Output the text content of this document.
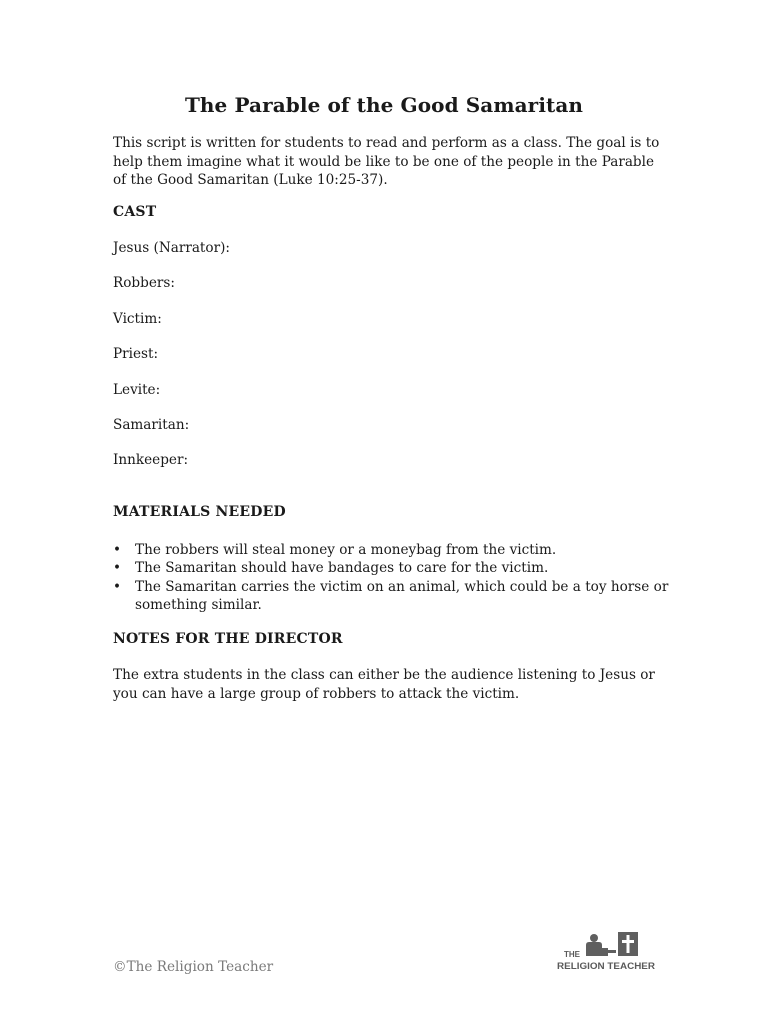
The Parable of the Good Samaritan
This script is written for students to read and perform as a class. The goal is to help them imagine what it would be like to be one of the people in the Parable of the Good Samaritan (Luke 10:25-37).
CAST
Jesus (Narrator):
Robbers:
Victim:
Priest:
Levite:
Samaritan:
Innkeeper:
MATERIALS NEEDED
• The robbers will steal money or a moneybag from the victim.
• The Samaritan should have bandages to care for the victim.
• The Samaritan carries the victim on an animal, which could be a toy horse or something similar.
NOTES FOR THE DIRECTOR
The extra students in the class can either be the audience listening to Jesus or you can have a large group of robbers to attack the victim.
©The Religion Teacher
THE
RELIGION TEACHER
